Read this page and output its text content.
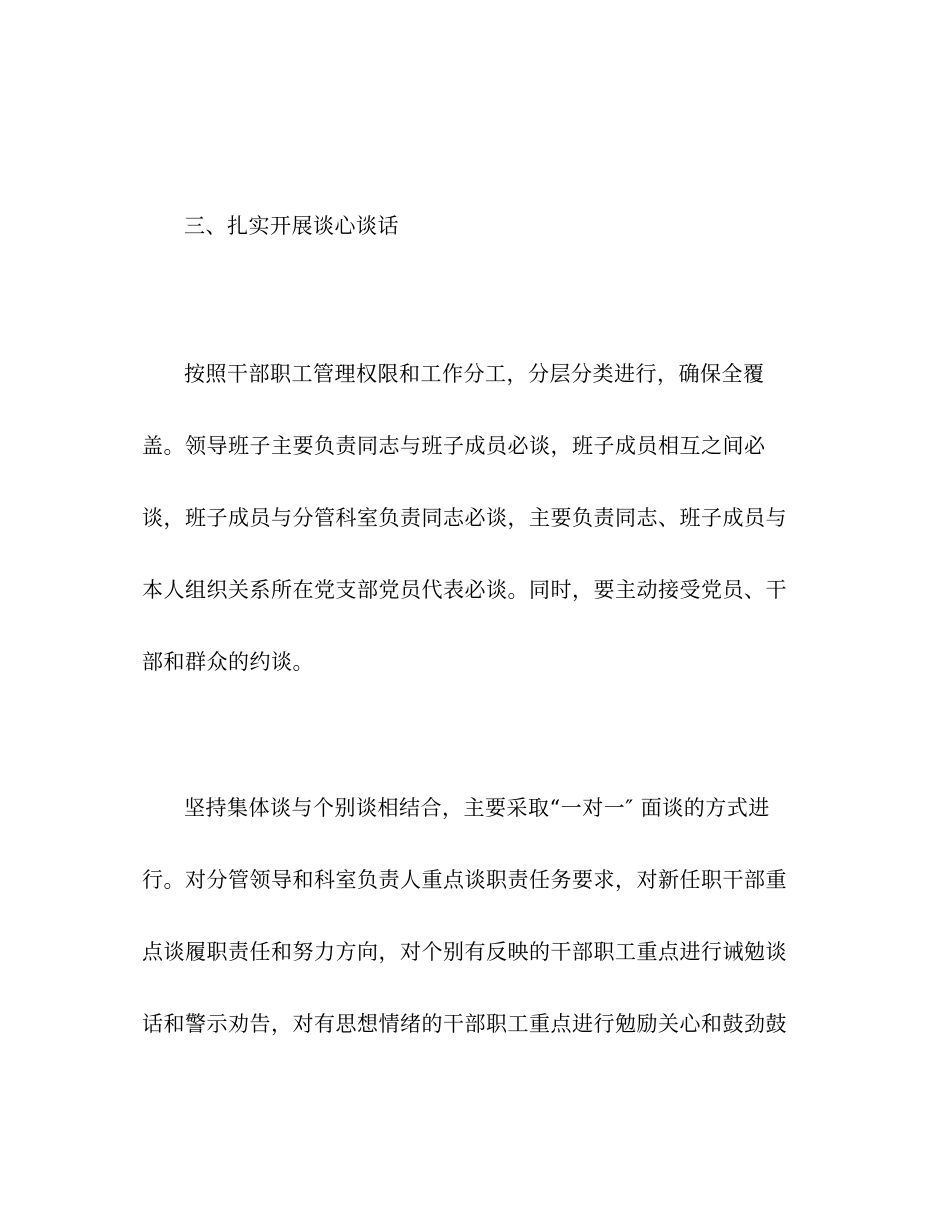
三、扎实开展谈心谈话
按照干部职工管理权限和工作分工，分层分类进行，确保全覆
盖。领导班子主要负责同志与班子成员必谈，班子成员相互之间必
谈，班子成员与分管科室负责同志必谈，主要负责同志、班子成员与
本人组织关系所在党支部党员代表必谈。同时，要主动接受党员、干
部和群众的约谈。
坚持集体谈与个别谈相结合，主要采取“一对一″ 面谈的方式进
行。对分管领导和科室负责人重点谈职责任务要求，对新任职干部重
点谈履职责任和努力方向，对个别有反映的干部职工重点进行诫勉谈
话和警示劝告，对有思想情绪的干部职工重点进行勉励关心和鼓劲鼓
